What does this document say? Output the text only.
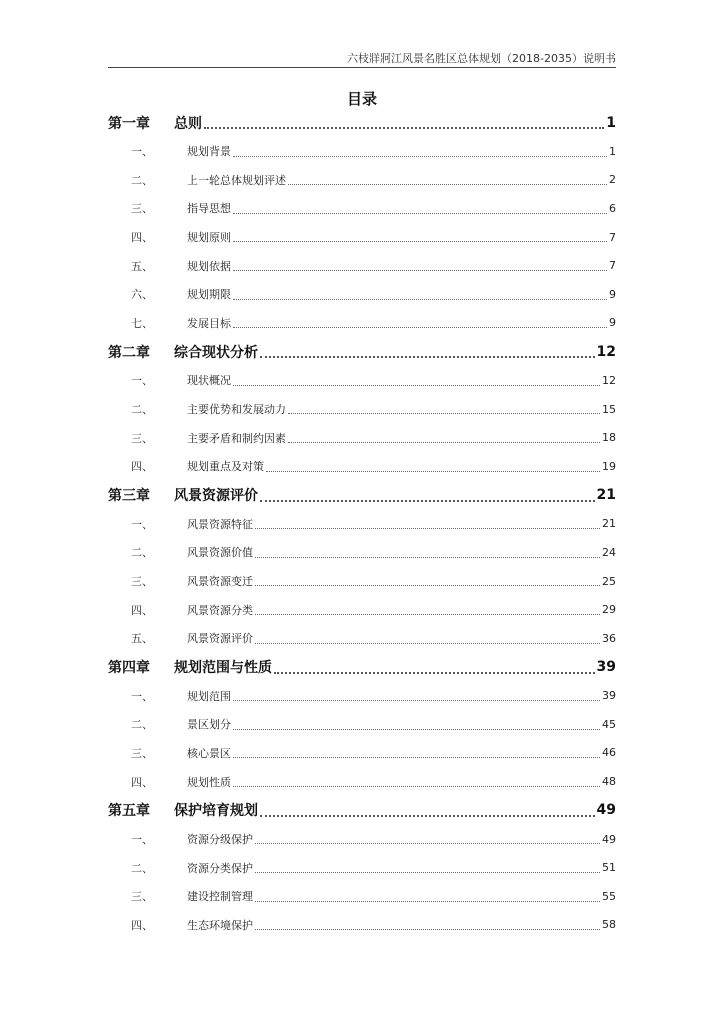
六枝牂牁江风景名胜区总体规划（2018-2035）说明书
目录
第一章	总则	1
一、	规划背景	1
二、	上一轮总体规划评述	2
三、	指导思想	6
四、	规划原则	7
五、	规划依据	7
六、	规划期限	9
七、	发展目标	9
第二章	综合现状分析	12
一、	现状概况	12
二、	主要优势和发展动力	15
三、	主要矛盾和制约因素	18
四、	规划重点及对策	19
第三章	风景资源评价	21
一、	风景资源特征	21
二、	风景资源价值	24
三、	风景资源变迁	25
四、	风景资源分类	29
五、	风景资源评价	36
第四章	规划范围与性质	39
一、	规划范围	39
二、	景区划分	45
三、	核心景区	46
四、	规划性质	48
第五章	保护培育规划	49
一、	资源分级保护	49
二、	资源分类保护	51
三、	建设控制管理	55
四、	生态环境保护	58
